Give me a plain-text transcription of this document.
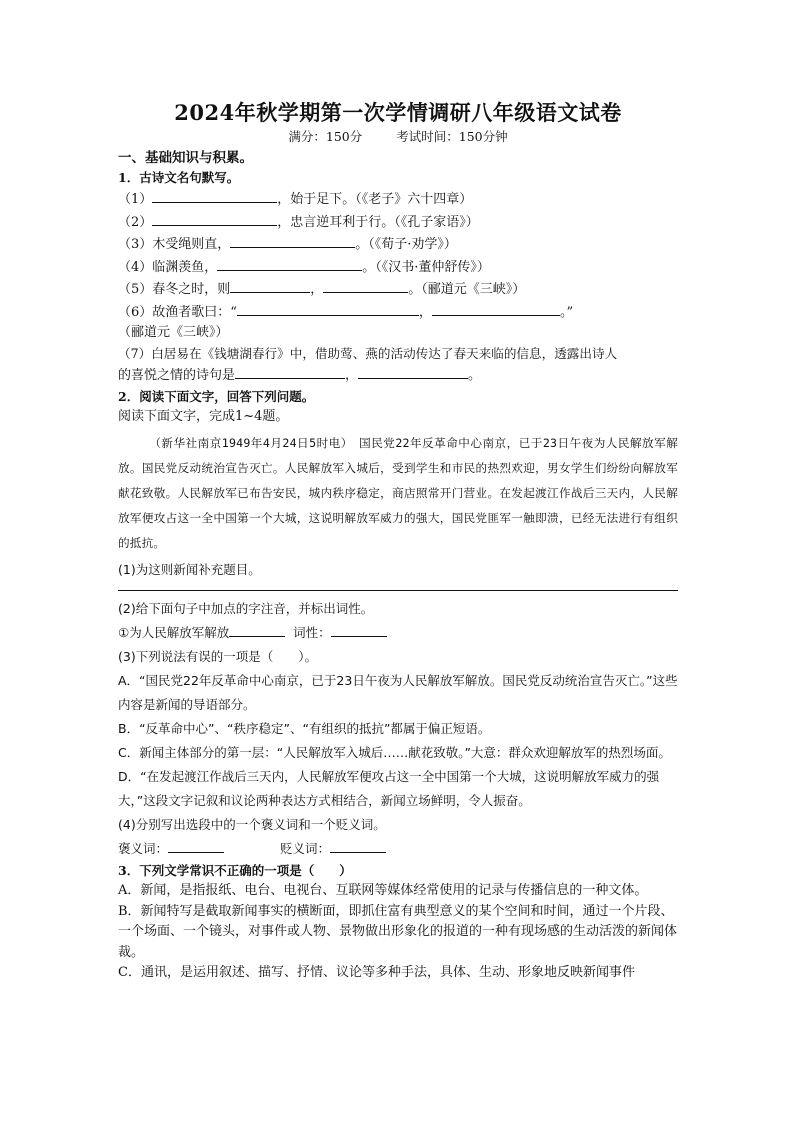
2024年秋学期第一次学情调研八年级语文试卷

满分：150分	考试时间：150分钟

一、基础知识与积累。

1．古诗文名句默写。

（1）	，始于足下。（《老子》六十四章）

（2）	，忠言逆耳利于行。（《孔子家语》）

（3）木受绳则直，	。（《荀子·劝学》）

（4）临渊羡鱼，	。（《汉书·董仲舒传》）

（5）春冬之时，则	，	。（郦道元《三峡》）

（6）故渔者歌曰：“	，	。”

（郦道元《三峡》）

（7）白居易在《钱塘湖春行》中，借助莺、燕的活动传达了春天来临的信息，透露出诗人

的喜悦之情的诗句是	，	。

2．阅读下面文字，回答下列问题。

阅读下面文字，完成1~4题。

（新华社南京1949年4月24日5时电）　国民党22年反革命中心南京，已于23日午夜为人民解放军解放。国民党反动统治宣告灭亡。人民解放军入城后，受到学生和市民的热烈欢迎，男女学生们纷纷向解放军献花致敬。人民解放军已布告安民，城内秩序稳定，商店照常开门营业。在发起渡江作战后三天内，人民解放军便攻占这一全中国第一个大城，这说明解放军威力的强大，国民党匪军一触即溃，已经无法进行有组织的抵抗。

(1)为这则新闻补充题目。

(2)给下面句子中加点的字注音，并标出词性。

①为人民解放军解放	词性：

(3)下列说法有误的一项是（　　）。

A．“国民党22年反革命中心南京，已于23日午夜为人民解放军解放。国民党反动统治宣告灭亡。”这些内容是新闻的导语部分。

B．“反革命中心”、“秩序稳定”、“有组织的抵抗”都属于偏正短语。

C．新闻主体部分的第一层：“人民解放军入城后……献花致敬。”大意：群众欢迎解放军的热烈场面。

D．“在发起渡江作战后三天内，人民解放军便攻占这一全中国第一个大城，这说明解放军威力的强大，”这段文字记叙和议论两种表达方式相结合，新闻立场鲜明，令人振奋。

(4)分别写出选段中的一个褒义词和一个贬义词。

褒义词：	贬义词：

3．下列文学常识不正确的一项是（　　）

A．新闻，是指报纸、电台、电视台、互联网等媒体经常使用的记录与传播信息的一种文体。

B．新闻特写是截取新闻事实的横断面，即抓住富有典型意义的某个空间和时间，通过一个片段、一个场面、一个镜头，对事件或人物、景物做出形象化的报道的一种有现场感的生动活泼的新闻体裁。

C．通讯，是运用叙述、描写、抒情、议论等多种手法，具体、生动、形象地反映新闻事件
